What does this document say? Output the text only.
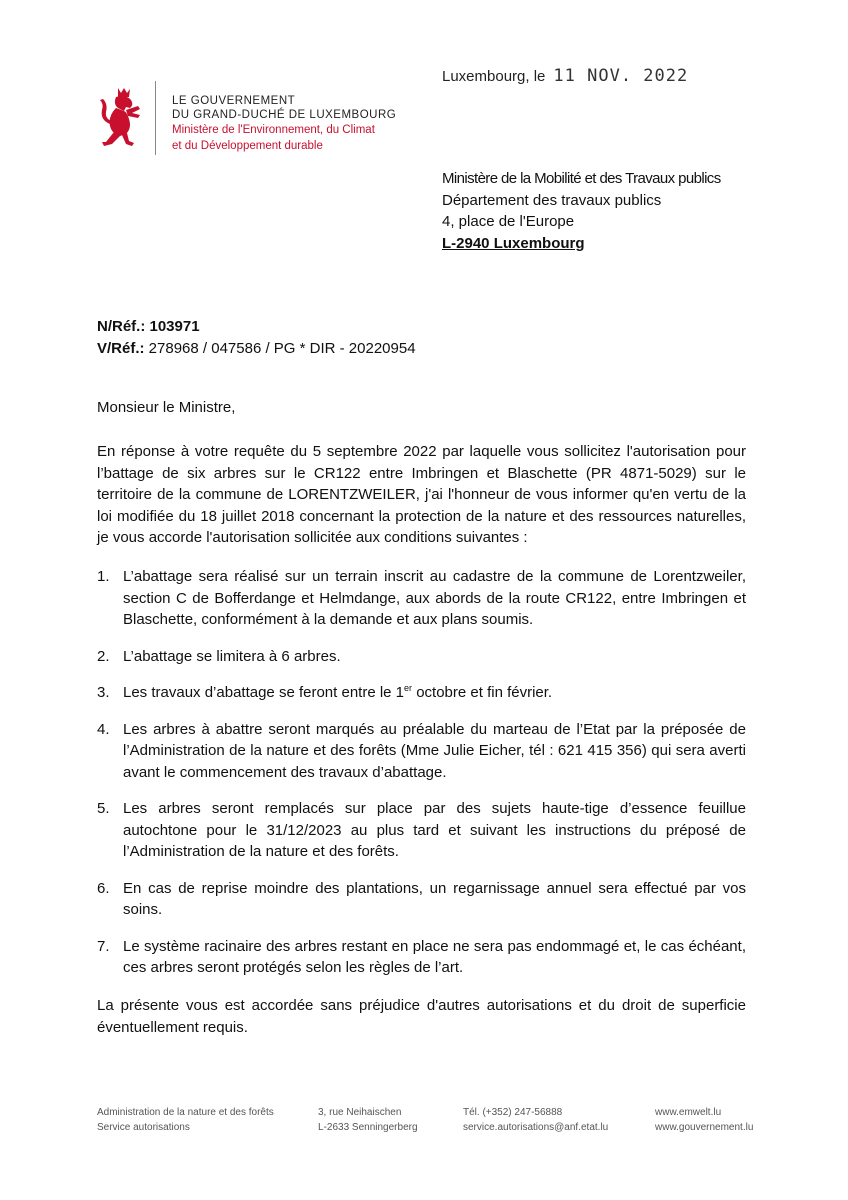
LE GOUVERNEMENT
DU GRAND-DUCHÉ DE LUXEMBOURG
Ministère de l'Environnement, du Climat
et du Développement durable
Luxembourg, le 11 NOV. 2022
Ministère de la Mobilité et des Travaux publics
Département des travaux publics
4, place de l'Europe
L-2940 Luxembourg
N/Réf.: 103971
V/Réf.: 278968 / 047586 / PG * DIR - 20220954
Monsieur le Ministre,

En réponse à votre requête du 5 septembre 2022 par laquelle vous sollicitez l'autorisation pour l’battage de six arbres sur le CR122 entre Imbringen et Blaschette (PR 4871-5029) sur le territoire de la commune de LORENTZWEILER, j'ai l'honneur de vous informer qu'en vertu de la loi modifiée du 18 juillet 2018 concernant la protection de la nature et des ressources naturelles, je vous accorde l'autorisation sollicitée aux conditions suivantes :

1. L’abattage sera réalisé sur un terrain inscrit au cadastre de la commune de Lorentzweiler, section C de Bofferdange et Helmdange, aux abords de la route CR122, entre Imbringen et Blaschette, conformément à la demande et aux plans soumis.
2. L’abattage se limitera à 6 arbres.
3. Les travaux d’abattage se feront entre le 1er octobre et fin février.
4. Les arbres à abattre seront marqués au préalable du marteau de l’Etat par la préposée de l’Administration de la nature et des forêts (Mme Julie Eicher, tél : 621 415 356) qui sera averti avant le commencement des travaux d’abattage.
5. Les arbres seront remplacés sur place par des sujets haute-tige d’essence feuillue autochtone pour le 31/12/2023 au plus tard et suivant les instructions du préposé de l’Administration de la nature et des forêts.
6. En cas de reprise moindre des plantations, un regarnissage annuel sera effectué par vos soins.
7. Le système racinaire des arbres restant en place ne sera pas endommagé et, le cas échéant, ces arbres seront protégés selon les règles de l’art.

La présente vous est accordée sans préjudice d'autres autorisations et du droit de superficie éventuellement requis.

Administration de la nature et des forêts
Service autorisations
3, rue Neihaischen
L-2633 Senningerberg
Tél. (+352) 247-56888
service.autorisations@anf.etat.lu
www.emwelt.lu
www.gouvernement.lu
